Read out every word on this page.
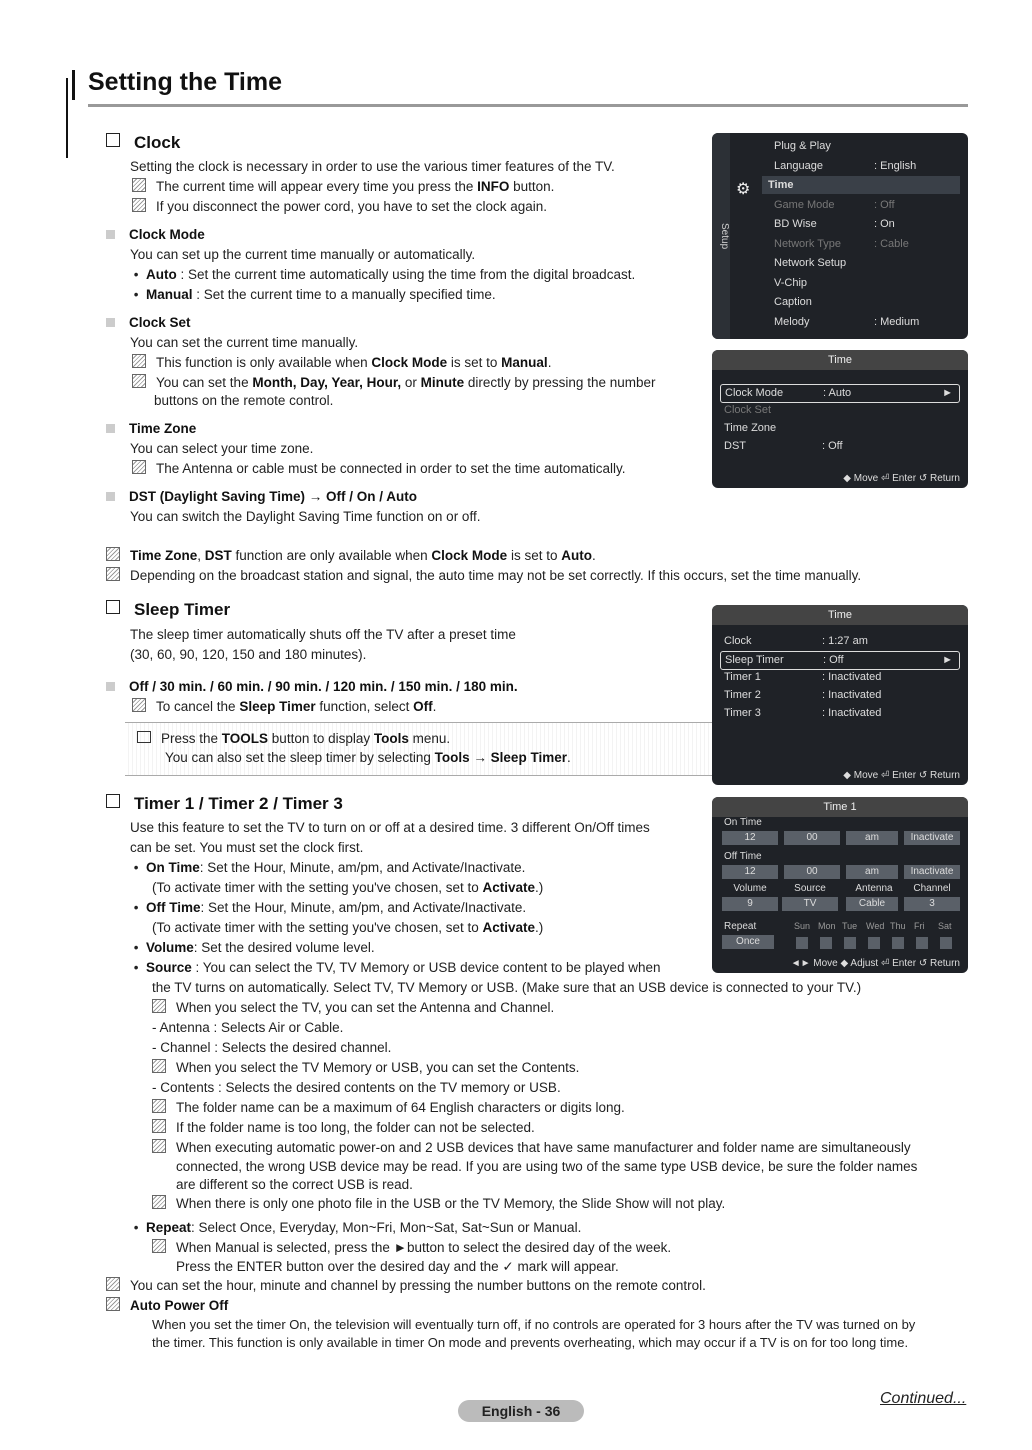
Setting the Time
Clock
Setting the clock is necessary in order to use the various timer features of the TV.
The current time will appear every time you press the INFO button.
If you disconnect the power cord, you have to set the clock again.
Clock Mode
You can set up the current time manually or automatically.
•  Auto : Set the current time automatically using the time from the digital broadcast.
•  Manual : Set the current time to a manually specified time.
Clock Set
You can set the current time manually.
This function is only available when Clock Mode is set to Manual.
You can set the Month, Day, Year, Hour, or Minute directly by pressing the number
buttons on the remote control.
Time Zone
You can select your time zone.
The Antenna or cable must be connected in order to set the time automatically.
DST (Daylight Saving Time) → Off / On / Auto
You can switch the Daylight Saving Time function on or off.
Time Zone, DST function are only available when Clock Mode is set to Auto.
Depending on the broadcast station and signal, the auto time may not be set correctly. If this occurs, set the time manually.
Sleep Timer
The sleep timer automatically shuts off the TV after a preset time
(30, 60, 90, 120, 150 and 180 minutes).
Off / 30 min. / 60 min. / 90 min. / 120 min. / 150 min. / 180 min.
To cancel the Sleep Timer function, select Off.
Press the TOOLS button to display Tools menu.
You can also set the sleep timer by selecting Tools → Sleep Timer.
Timer 1 / Timer 2 / Timer 3
Use this feature to set the TV to turn on or off at a desired time. 3 different On/Off times
can be set. You must set the clock first.
•  On Time: Set the Hour, Minute, am/pm, and Activate/Inactivate.
(To activate timer with the setting you've chosen, set to Activate.)
•  Off Time: Set the Hour, Minute, am/pm, and Activate/Inactivate.
(To activate timer with the setting you've chosen, set to Activate.)
•  Volume: Set the desired volume level.
•  Source : You can select the TV, TV Memory or USB device content to be played when
the TV turns on automatically. Select TV, TV Memory or USB. (Make sure that an USB device is connected to your TV.)
When you select the TV, you can set the Antenna and Channel.
- Antenna : Selects Air or Cable.
- Channel : Selects the desired channel.
When you select the TV Memory or USB, you can set the Contents.
- Contents : Selects the desired contents on the TV memory or USB.
The folder name can be a maximum of 64 English characters or digits long.
If the folder name is too long, the folder can not be selected.
When executing automatic power-on and 2 USB devices that have same manufacturer and folder name are simultaneously
connected, the wrong USB device may be read. If you are using two of the same type USB device, be sure the folder names
are different so the correct USB is read.
When there is only one photo file in the USB or the TV Memory, the Slide Show will not play.
•  Repeat: Select Once, Everyday, Mon~Fri, Mon~Sat, Sat~Sun or Manual.
When Manual is selected, press the ►button to select the desired day of the week.
Press the ENTER button over the desired day and the ✓ mark will appear.
You can set the hour, minute and channel by pressing the number buttons on the remote control.
Auto Power Off
When you set the timer On, the television will eventually turn off, if no controls are operated for 3 hours after the TV was turned on by
the timer. This function is only available in timer On mode and prevents overheating, which may occur if a TV is on for too long time.
Setup
⚙
Plug & Play
Language	: English
Time
Game Mode	: Off
BD Wise	: On
Network Type	: Cable
Network Setup
V-Chip
Caption
Melody	: Medium
Time
Clock Mode	: Auto	►
Clock Set
Time Zone
DST	: Off
◆ Move ⏎ Enter ↺ Return
Time
Clock	: 1:27 am
Sleep Timer	: Off	►
Timer 1	: Inactivated
Timer 2	: Inactivated
Timer 3	: Inactivated
◆ Move ⏎ Enter ↺ Return
Time 1
On Time
12	00	am	Inactivate
Off Time
12	00	am	Inactivate
Volume	Source	Antenna	Channel
9	TV	Cable	3
Repeat	Sun Mon Tue Wed Thu Fri Sat
Once
◄► Move ◆ Adjust ⏎ Enter ↺ Return
English - 36
Continued...
